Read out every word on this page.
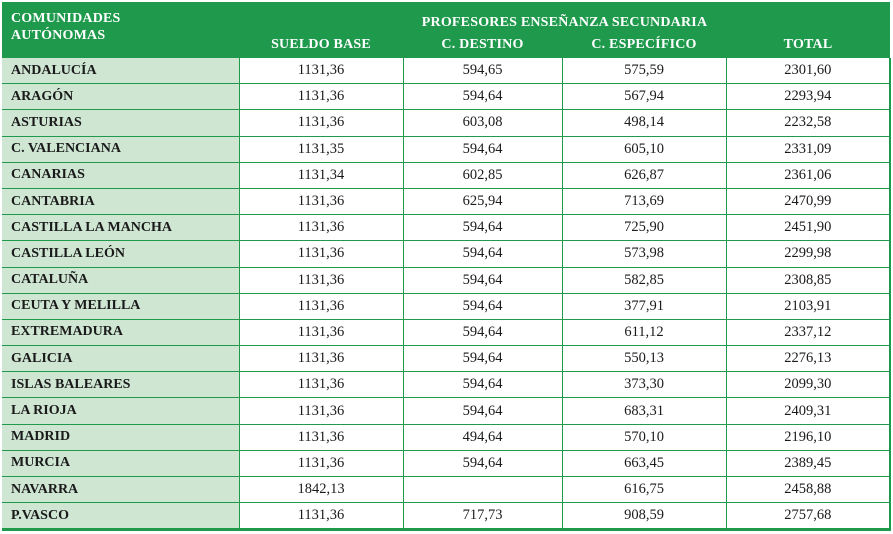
COMUNIDADES
AUTÓNOMAS	PROFESORES ENSEÑANZA SECUNDARIA			
	SUELDO BASE	C. DESTINO	C. ESPECÍFICO	TOTAL
ANDALUCÍA	1131,36	594,65	575,59	2301,60
ARAGÓN	1131,36	594,64	567,94	2293,94
ASTURIAS	1131,36	603,08	498,14	2232,58
C. VALENCIANA	1131,35	594,64	605,10	2331,09
CANARIAS	1131,34	602,85	626,87	2361,06
CANTABRIA	1131,36	625,94	713,69	2470,99
CASTILLA LA MANCHA	1131,36	594,64	725,90	2451,90
CASTILLA LEÓN	1131,36	594,64	573,98	2299,98
CATALUÑA	1131,36	594,64	582,85	2308,85
CEUTA Y MELILLA	1131,36	594,64	377,91	2103,91
EXTREMADURA	1131,36	594,64	611,12	2337,12
GALICIA	1131,36	594,64	550,13	2276,13
ISLAS BALEARES	1131,36	594,64	373,30	2099,30
LA RIOJA	1131,36	594,64	683,31	2409,31
MADRID	1131,36	494,64	570,10	2196,10
MURCIA	1131,36	594,64	663,45	2389,45
NAVARRA	1842,13		616,75	2458,88
P.VASCO	1131,36	717,73	908,59	2757,68
